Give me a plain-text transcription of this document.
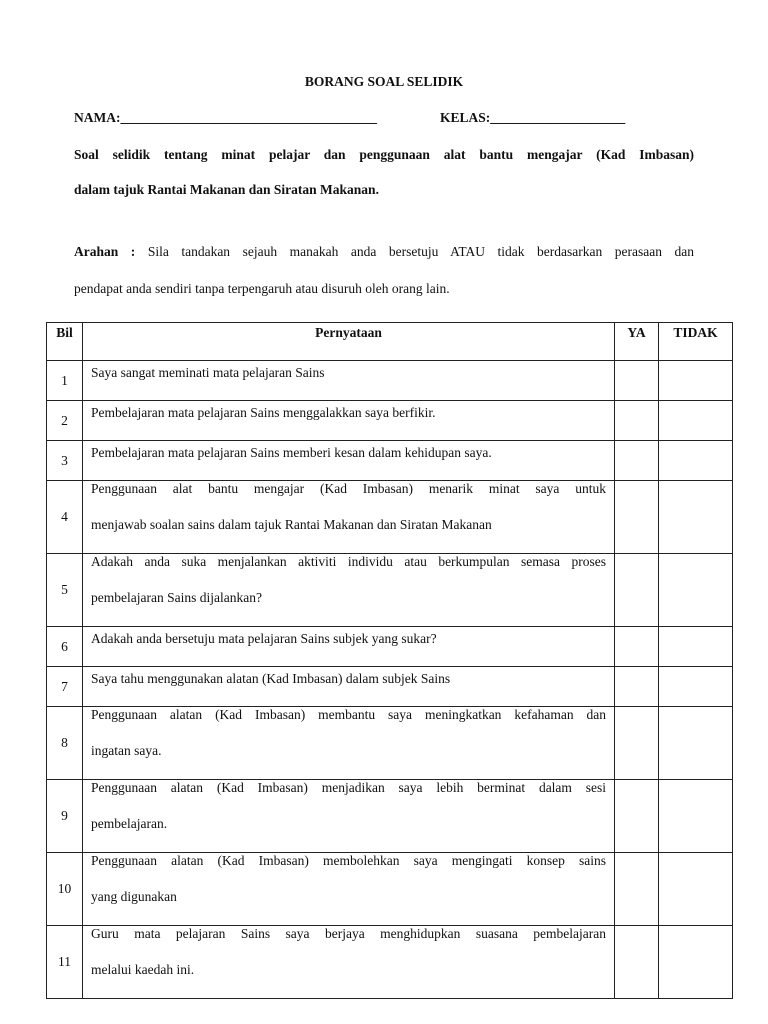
BORANG SOAL SELIDIK
NAMA:______________________________________	KELAS:____________________
Soal selidik tentang minat pelajar dan penggunaan alat bantu mengajar (Kad Imbasan)
dalam tajuk Rantai Makanan dan Siratan Makanan.
Arahan : Sila tandakan sejauh manakah anda bersetuju ATAU tidak berdasarkan perasaan dan
pendapat anda sendiri tanpa terpengaruh atau disuruh oleh orang lain.
Bil	Pernyataan	YA	TIDAK
1	Saya sangat meminati mata pelajaran Sains		
2	Pembelajaran mata pelajaran Sains menggalakkan saya berfikir.		
3	Pembelajaran mata pelajaran Sains memberi kesan dalam kehidupan saya.		
4	Penggunaan alat bantu mengajar (Kad Imbasan) menarik minat saya untuk
menjawab soalan sains dalam tajuk Rantai Makanan dan Siratan Makanan		

5	Adakah anda suka menjalankan aktiviti individu atau berkumpulan semasa proses
pembelajaran Sains dijalankan?		

6	Adakah anda bersetuju mata pelajaran Sains subjek yang sukar?		
7	Saya tahu menggunakan alatan (Kad Imbasan) dalam subjek Sains		
8	Penggunaan alatan (Kad Imbasan) membantu saya meningkatkan kefahaman dan
ingatan saya.		

9	Penggunaan alatan (Kad Imbasan) menjadikan saya lebih berminat dalam sesi
pembelajaran.		

10	Penggunaan alatan (Kad Imbasan) membolehkan saya mengingati konsep sains
yang digunakan		

11	Guru mata pelajaran Sains saya berjaya menghidupkan suasana pembelajaran
melalui kaedah ini.		
